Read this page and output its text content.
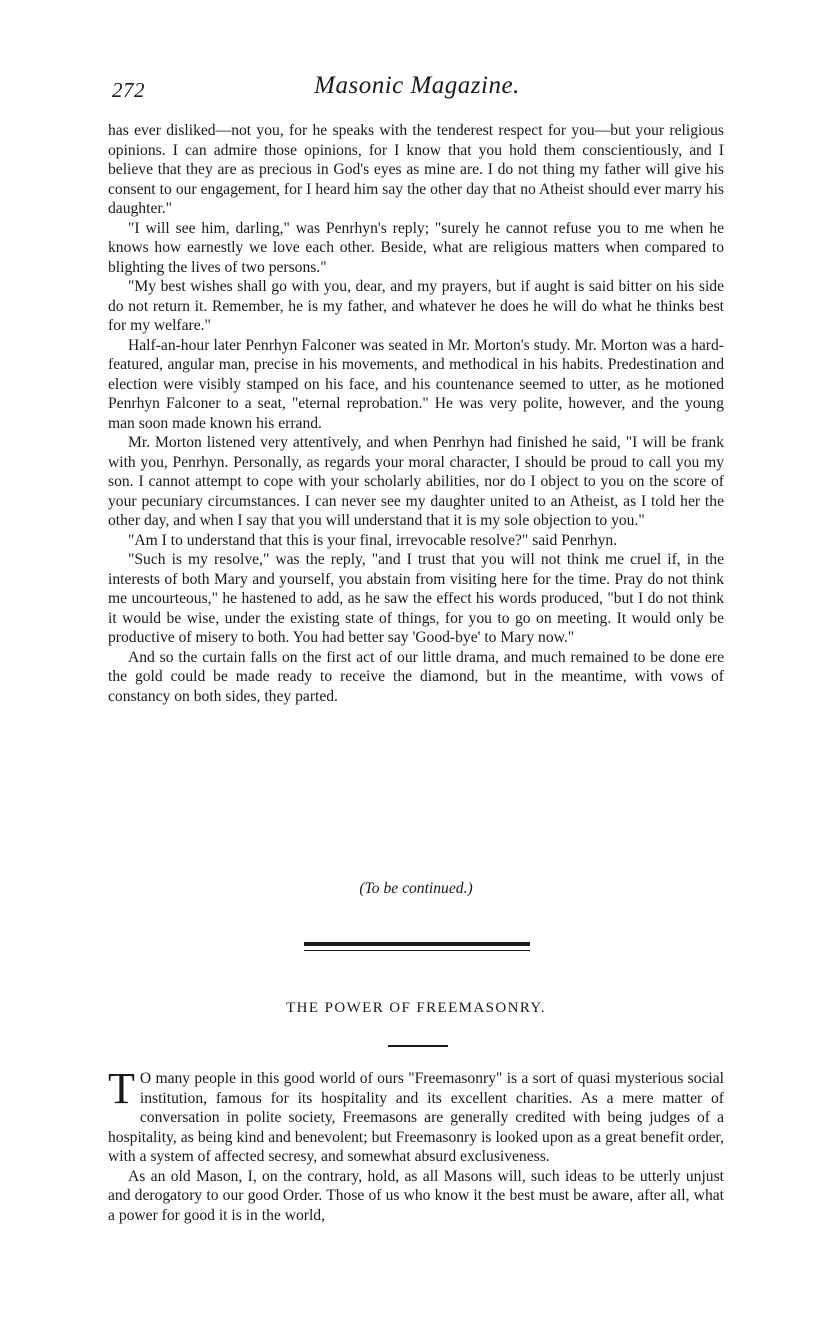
272	Masonic Magazine.

has ever disliked—not you, for he speaks with the tenderest respect for you—but your religious opinions. I can admire those opinions, for I know that you hold them conscientiously, and I believe that they are as precious in God's eyes as mine are. I do not thing my father will give his consent to our engagement, for I heard him say the other day that no Atheist should ever marry his daughter."

"I will see him, darling," was Penrhyn's reply; "surely he cannot refuse you to me when he knows how earnestly we love each other. Beside, what are religious matters when compared to blighting the lives of two persons."

"My best wishes shall go with you, dear, and my prayers, but if aught is said bitter on his side do not return it. Remember, he is my father, and whatever he does he will do what he thinks best for my welfare."

Half-an-hour later Penrhyn Falconer was seated in Mr. Morton's study. Mr. Morton was a hard-featured, angular man, precise in his movements, and methodical in his habits. Predestination and election were visibly stamped on his face, and his countenance seemed to utter, as he motioned Penrhyn Falconer to a seat, "eternal reprobation." He was very polite, however, and the young man soon made known his errand.

Mr. Morton listened very attentively, and when Penrhyn had finished he said, "I will be frank with you, Penrhyn. Personally, as regards your moral character, I should be proud to call you my son. I cannot attempt to cope with your scholarly abilities, nor do I object to you on the score of your pecuniary circumstances. I can never see my daughter united to an Atheist, as I told her the other day, and when I say that you will understand that it is my sole objection to you."

"Am I to understand that this is your final, irrevocable resolve?" said Penrhyn.

"Such is my resolve," was the reply, "and I trust that you will not think me cruel if, in the interests of both Mary and yourself, you abstain from visiting here for the time. Pray do not think me uncourteous," he hastened to add, as he saw the effect his words produced, "but I do not think it would be wise, under the existing state of things, for you to go on meeting. It would only be productive of misery to both. You had better say 'Good-bye' to Mary now."

And so the curtain falls on the first act of our little drama, and much remained to be done ere the gold could be made ready to receive the diamond, but in the meantime, with vows of constancy on both sides, they parted.

(To be continued.)
THE POWER OF FREEMASONRY.

T O many people in this good world of ours "Freemasonry" is a sort of quasi mysterious social institution, famous for its hospitality and its excellent charities. As a mere matter of conversation in polite society, Freemasons are generally credited with being judges of a hospitality, as being kind and benevolent; but Freemasonry is looked upon as a great benefit order, with a system of affected secresy, and somewhat absurd exclusiveness.

As an old Mason, I, on the contrary, hold, as all Masons will, such ideas to be utterly unjust and derogatory to our good Order. Those of us who know it the best must be aware, after all, what a power for good it is in the world,
